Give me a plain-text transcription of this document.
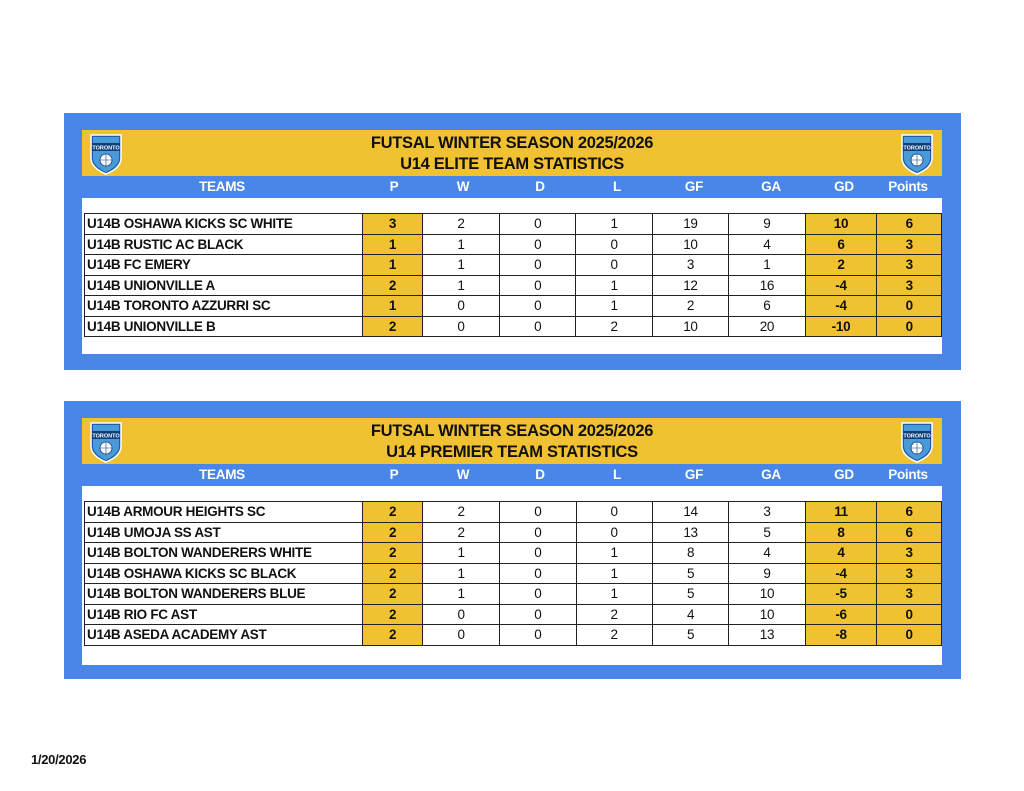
TORONTO	FUTSAL WINTER SEASON 2025/2026
U14 ELITE TEAM STATISTICS
TORONTO
TEAMS	P	W	D	L	GF	GA	GD	Points
U14B OSHAWA KICKS SC WHITE	3	2	0	1	19	9	10	6
U14B RUSTIC AC BLACK	1	1	0	0	10	4	6	3
U14B FC EMERY	1	1	0	0	3	1	2	3
U14B UNIONVILLE A	2	1	0	1	12	16	-4	3
U14B TORONTO AZZURRI SC	1	0	0	1	2	6	-4	0
U14B UNIONVILLE B	2	0	0	2	10	20	-10	0
TORONTO	FUTSAL WINTER SEASON 2025/2026
U14 PREMIER TEAM STATISTICS
TORONTO
TEAMS	P	W	D	L	GF	GA	GD	Points
U14B ARMOUR HEIGHTS SC	2	2	0	0	14	3	11	6
U14B UMOJA SS AST	2	2	0	0	13	5	8	6
U14B BOLTON WANDERERS WHITE	2	1	0	1	8	4	4	3
U14B OSHAWA KICKS SC BLACK	2	1	0	1	5	9	-4	3
U14B BOLTON WANDERERS BLUE	2	1	0	1	5	10	-5	3
U14B RIO FC AST	2	0	0	2	4	10	-6	0
U14B ASEDA ACADEMY AST	2	0	0	2	5	13	-8	0
1/20/2026
